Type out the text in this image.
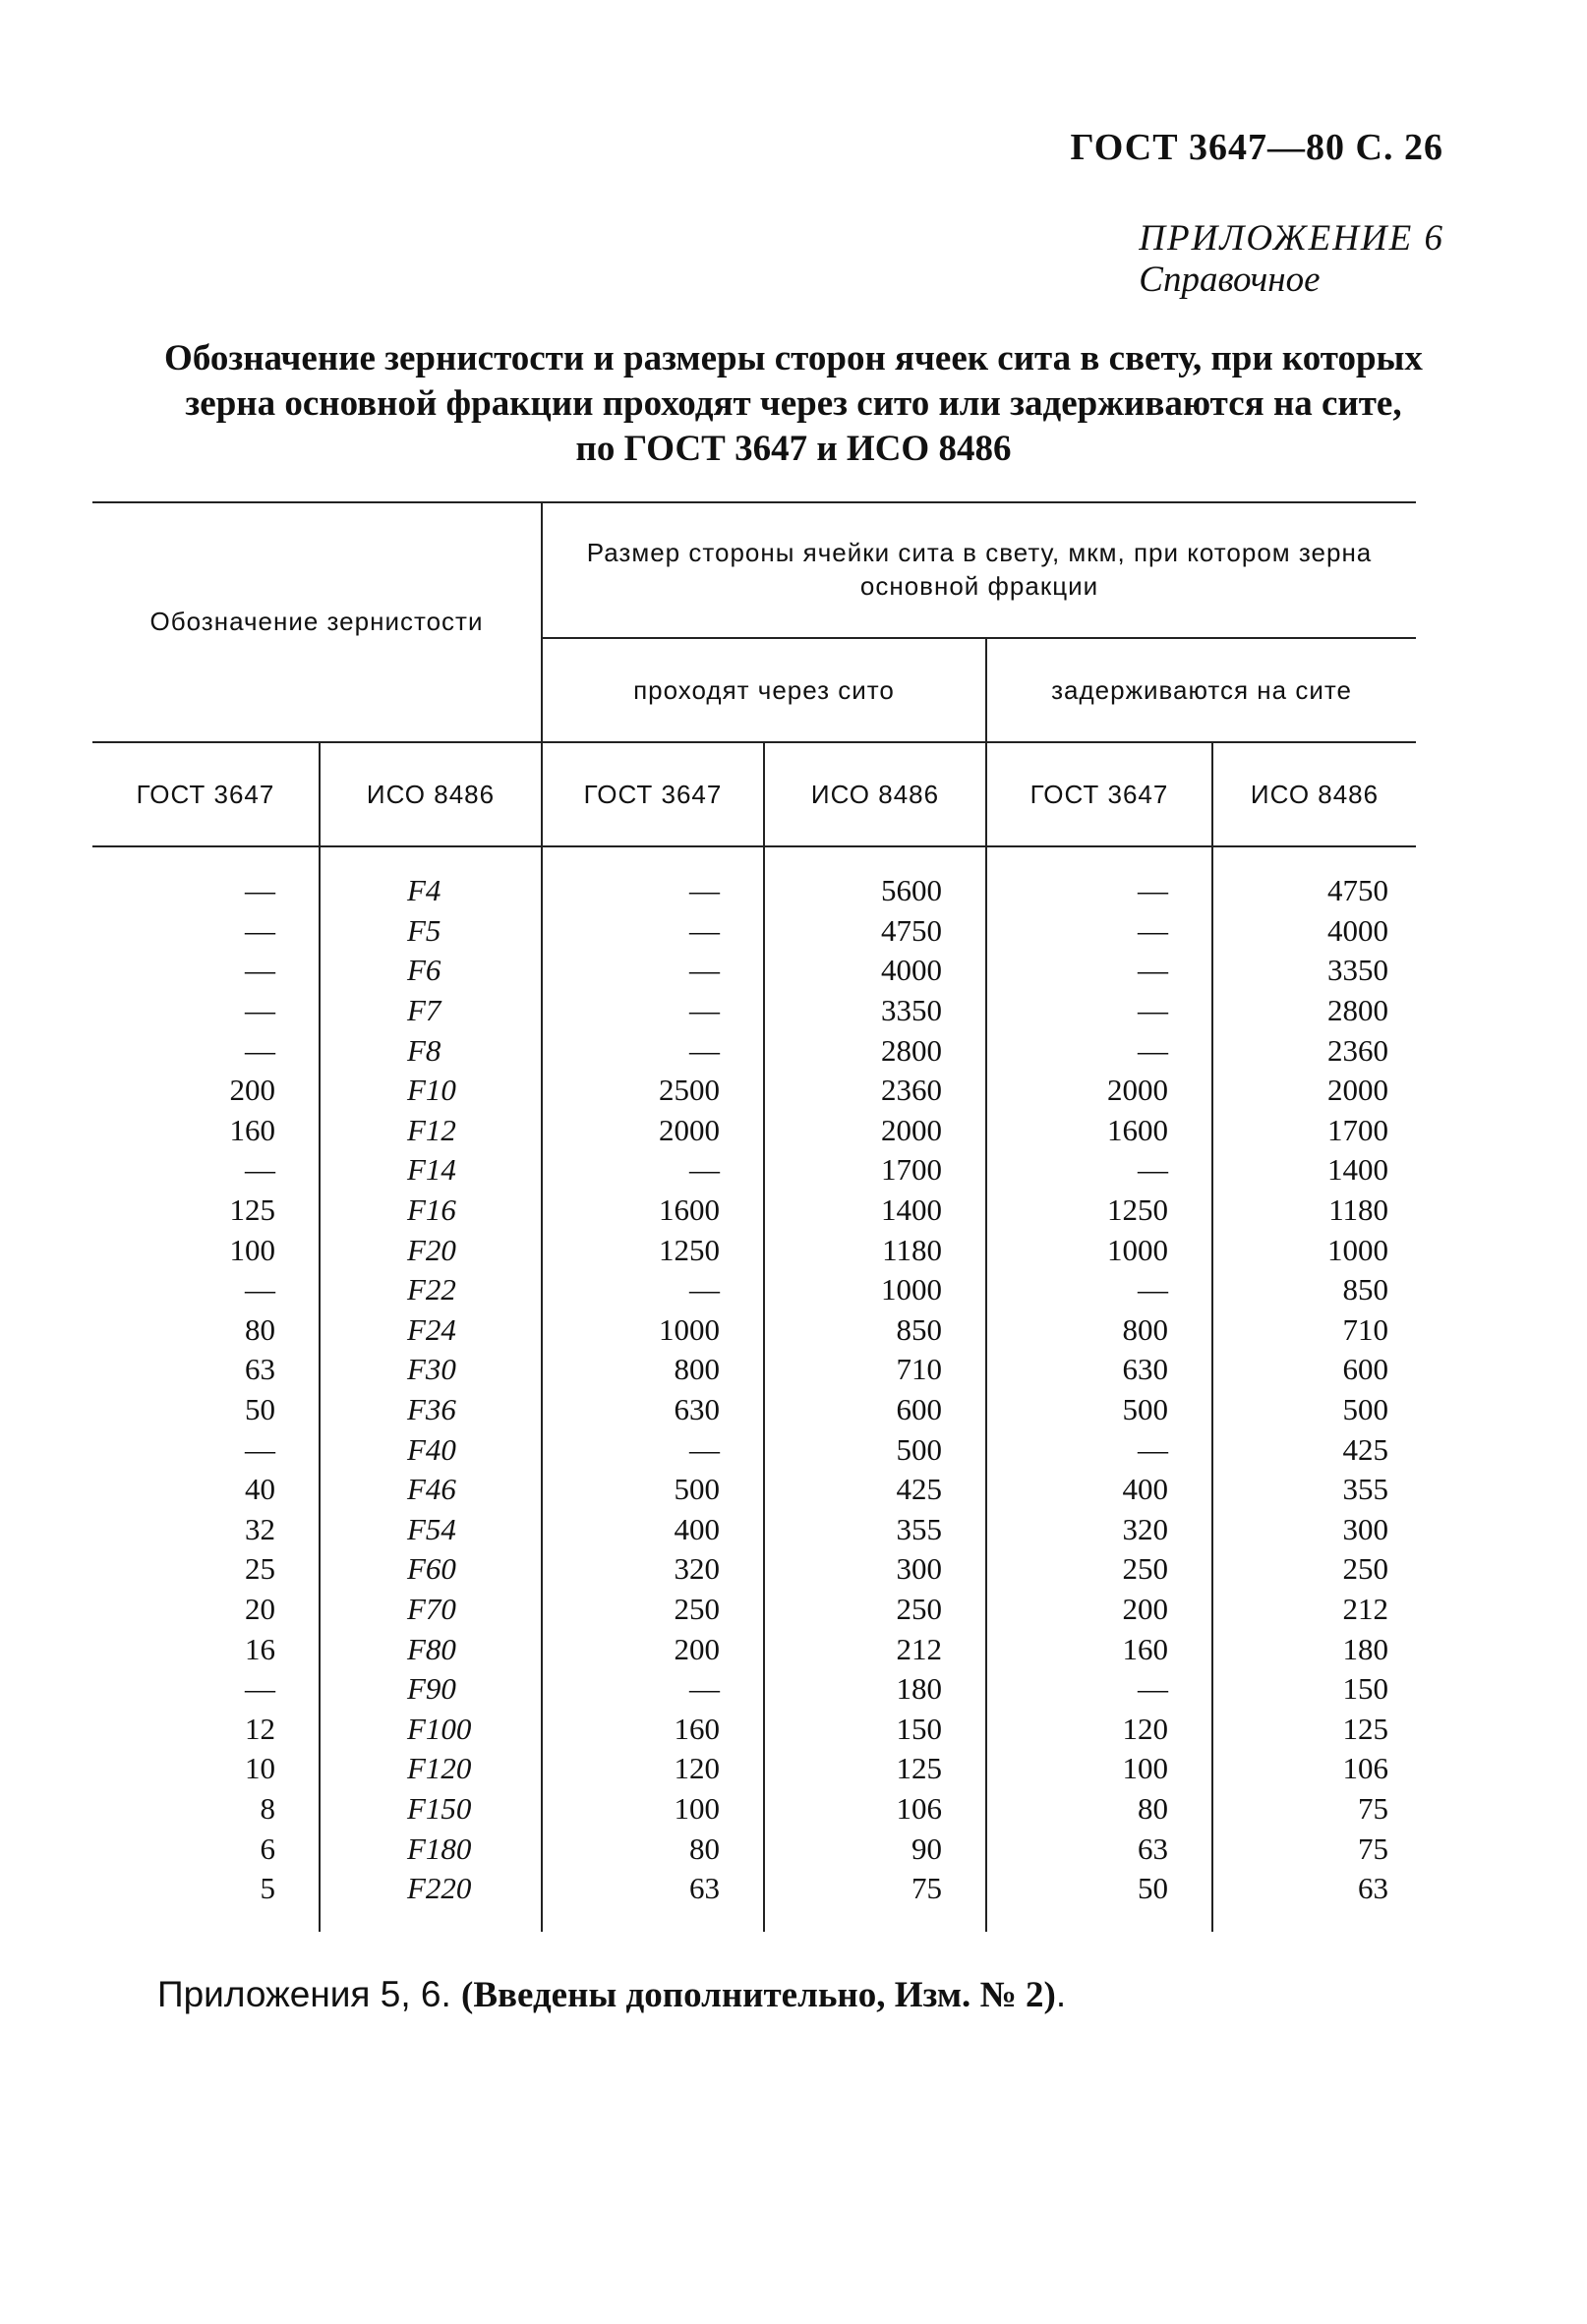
ГОСТ 3647—80 С. 26
ПРИЛОЖЕНИЕ 6
Справочное
Обозначение зернистости и размеры сторон ячеек сита в свету, при которых
зерна основной фракции проходят через сито или задерживаются на сите,
по ГОСТ 3647 и ИСО 8486
Обозначение зернистости		Размер стороны ячейки сита в свету, мкм, при котором зерна основной фракции			
		проходят через сито		задерживаются на сите	
ГОСТ 3647	ИСО 8486	ГОСТ 3647	ИСО 8486	ГОСТ 3647	ИСО 8486
—	F4	—	5600	—	4750
—	F5	—	4750	—	4000
—	F6	—	4000	—	3350
—	F7	—	3350	—	2800
—	F8	—	2800	—	2360
200	F10	2500	2360	2000	2000
160	F12	2000	2000	1600	1700
—	F14	—	1700	—	1400
125	F16	1600	1400	1250	1180
100	F20	1250	1180	1000	1000
—	F22	—	1000	—	850
80	F24	1000	850	800	710
63	F30	800	710	630	600
50	F36	630	600	500	500
—	F40	—	500	—	425
40	F46	500	425	400	355
32	F54	400	355	320	300
25	F60	320	300	250	250
20	F70	250	250	200	212
16	F80	200	212	160	180
—	F90	—	180	—	150
12	F100	160	150	120	125
10	F120	120	125	100	106
8	F150	100	106	80	75
6	F180	80	90	63	75
5	F220	63	75	50	63
Приложения 5, 6. (Введены дополнительно, Изм. № 2).
